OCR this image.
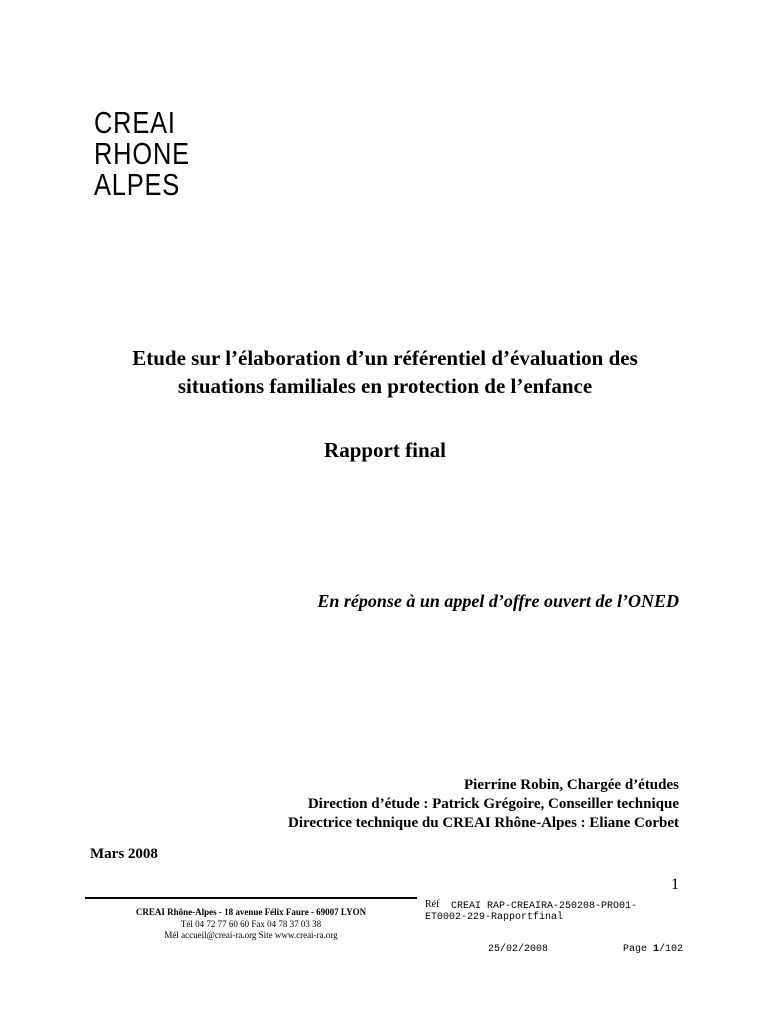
CREAI
RHONE
ALPES
Etude sur l’élaboration d’un référentiel d’évaluation des
situations familiales en protection de l’enfance
Rapport final
En réponse à un appel d’offre ouvert de l’ONED
Pierrine Robin, Chargée d’études
Direction d’étude : Patrick Grégoire, Conseiller technique
Directrice technique du CREAI Rhône-Alpes : Eliane Corbet
Mars 2008
1
CREAI Rhône-Alpes - 18 avenue Félix Faure - 69007 LYON
Tél 04 72 77 60 60 Fax 04 78 37 03 38
Mél accueil@creai-ra.org Site www.creai-ra.org
Réf CREAI RAP-CREAIRA-250208-PRO01-
ET0002-229-Rapportfinal
25/02/2008	Page 1/102
